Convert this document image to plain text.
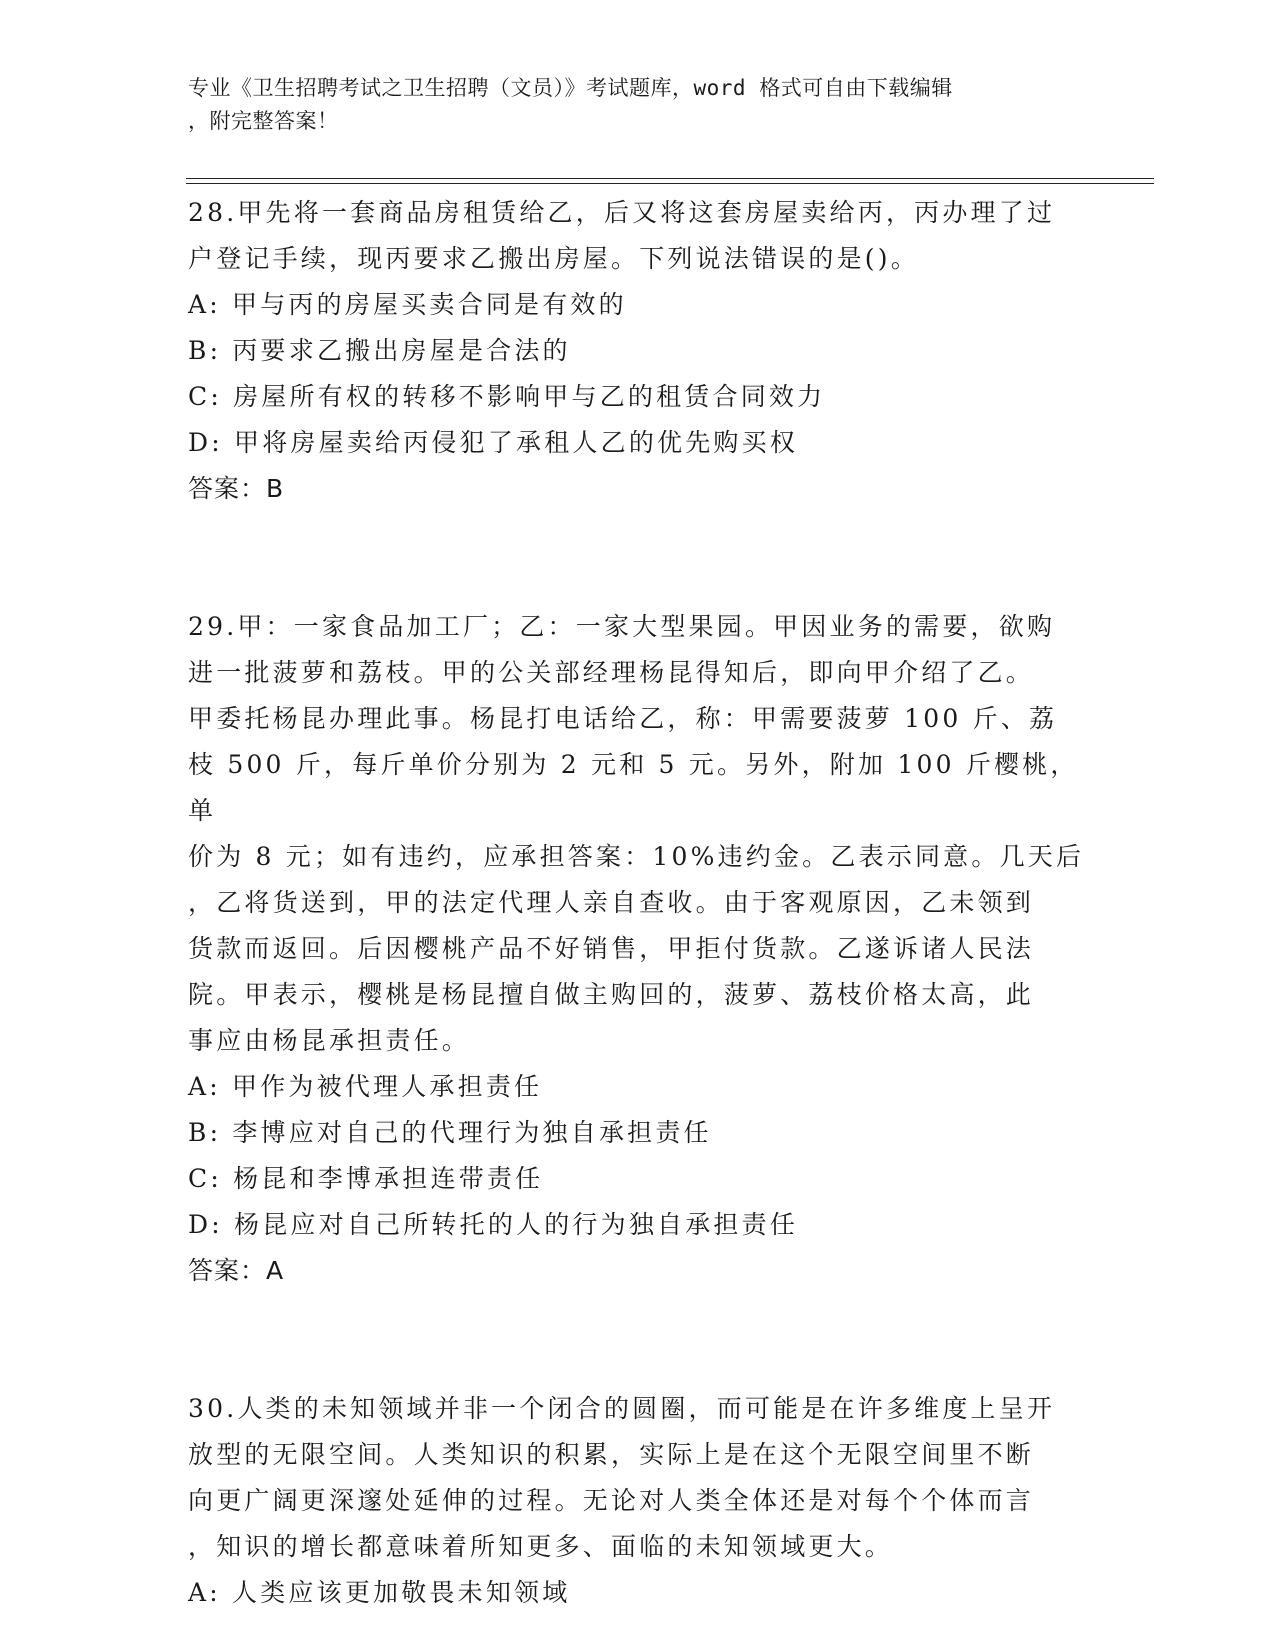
专业《卫生招聘考试之卫生招聘（文员）》考试题库，word 格式可自由下载编辑
，附完整答案！
28.甲先将一套商品房租赁给乙，后又将这套房屋卖给丙，丙办理了过
户登记手续，现丙要求乙搬出房屋。下列说法错误的是()。
A: 甲与丙的房屋买卖合同是有效的
B: 丙要求乙搬出房屋是合法的
C: 房屋所有权的转移不影响甲与乙的租赁合同效力
D: 甲将房屋卖给丙侵犯了承租人乙的优先购买权
答案：B
29.甲：一家食品加工厂；乙：一家大型果园。甲因业务的需要，欲购
进一批菠萝和荔枝。甲的公关部经理杨昆得知后，即向甲介绍了乙。
甲委托杨昆办理此事。杨昆打电话给乙，称：甲需要菠萝 100 斤、荔
枝 500 斤，每斤单价分别为 2 元和 5 元。另外，附加 100 斤樱桃，单
价为 8 元；如有违约，应承担答案：10%违约金。乙表示同意。几天后
，乙将货送到，甲的法定代理人亲自查收。由于客观原因，乙未领到
货款而返回。后因樱桃产品不好销售，甲拒付货款。乙遂诉诸人民法
院。甲表示，樱桃是杨昆擅自做主购回的，菠萝、荔枝价格太高，此
事应由杨昆承担责任。
A: 甲作为被代理人承担责任
B: 李博应对自己的代理行为独自承担责任
C: 杨昆和李博承担连带责任
D: 杨昆应对自己所转托的人的行为独自承担责任
答案：A
30.人类的未知领域并非一个闭合的圆圈，而可能是在许多维度上呈开
放型的无限空间。人类知识的积累，实际上是在这个无限空间里不断
向更广阔更深邃处延伸的过程。无论对人类全体还是对每个个体而言
，知识的增长都意味着所知更多、面临的未知领域更大。
A: 人类应该更加敬畏未知领域
